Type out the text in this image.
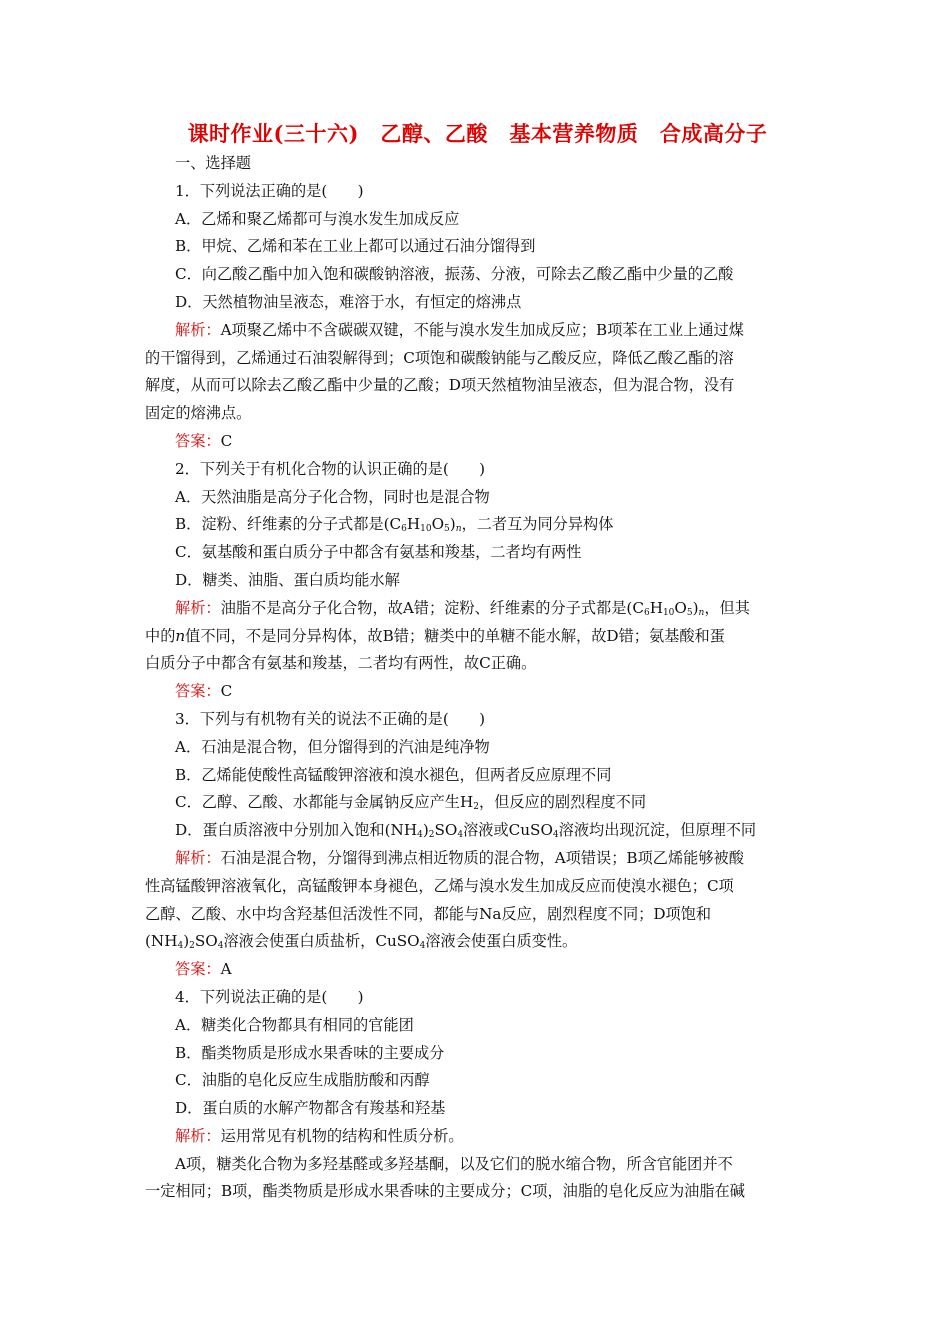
课时作业(三十六)　乙醇、乙酸　基本营养物质　合成高分子
一、选择题
1．下列说法正确的是(　　)
A．乙烯和聚乙烯都可与溴水发生加成反应
B．甲烷、乙烯和苯在工业上都可以通过石油分馏得到
C．向乙酸乙酯中加入饱和碳酸钠溶液，振荡、分液，可除去乙酸乙酯中少量的乙酸
D．天然植物油呈液态，难溶于水，有恒定的熔沸点
解析：A项聚乙烯中不含碳碳双键，不能与溴水发生加成反应；B项苯在工业上通过煤
的干馏得到，乙烯通过石油裂解得到；C项饱和碳酸钠能与乙酸反应，降低乙酸乙酯的溶
解度，从而可以除去乙酸乙酯中少量的乙酸；D项天然植物油呈液态，但为混合物，没有
固定的熔沸点。
答案：C
2．下列关于有机化合物的认识正确的是(　　)
A．天然油脂是高分子化合物，同时也是混合物
B．淀粉、纤维素的分子式都是$(C_6H_{10}O_5)_n$，二者互为同分异构体
C．氨基酸和蛋白质分子中都含有氨基和羧基，二者均有两性
D．糖类、油脂、蛋白质均能水解
解析：油脂不是高分子化合物，故A错；淀粉、纤维素的分子式都是$(C_6H_{10}O_5)_n$，但其
中的n值不同，不是同分异构体，故B错；糖类中的单糖不能水解，故D错；氨基酸和蛋
白质分子中都含有氨基和羧基，二者均有两性，故C正确。
答案：C
3．下列与有机物有关的说法不正确的是(　　)
A．石油是混合物，但分馏得到的汽油是纯净物
B．乙烯能使酸性高锰酸钾溶液和溴水褪色，但两者反应原理不同
C．乙醇、乙酸、水都能与金属钠反应产生$H_2$，但反应的剧烈程度不同
D．蛋白质溶液中分别加入饱和$(NH_4)_2SO_4$溶液或CuSO$_4$溶液均出现沉淀，但原理不同
解析：石油是混合物，分馏得到沸点相近物质的混合物，A项错误；B项乙烯能够被酸
性高锰酸钾溶液氧化，高锰酸钾本身褪色，乙烯与溴水发生加成反应而使溴水褪色；C项
乙醇、乙酸、水中均含羟基但活泼性不同，都能与Na反应，剧烈程度不同；D项饱和
$(NH_4)_2SO_4$溶液会使蛋白质盐析，CuSO$_4$溶液会使蛋白质变性。
答案：A
4．下列说法正确的是(　　)
A．糖类化合物都具有相同的官能团
B．酯类物质是形成水果香味的主要成分
C．油脂的皂化反应生成脂肪酸和丙醇
D．蛋白质的水解产物都含有羧基和羟基
解析：运用常见有机物的结构和性质分析。
A项，糖类化合物为多羟基醛或多羟基酮，以及它们的脱水缩合物，所含官能团并不
一定相同；B项，酯类物质是形成水果香味的主要成分；C项，油脂的皂化反应为油脂在碱
